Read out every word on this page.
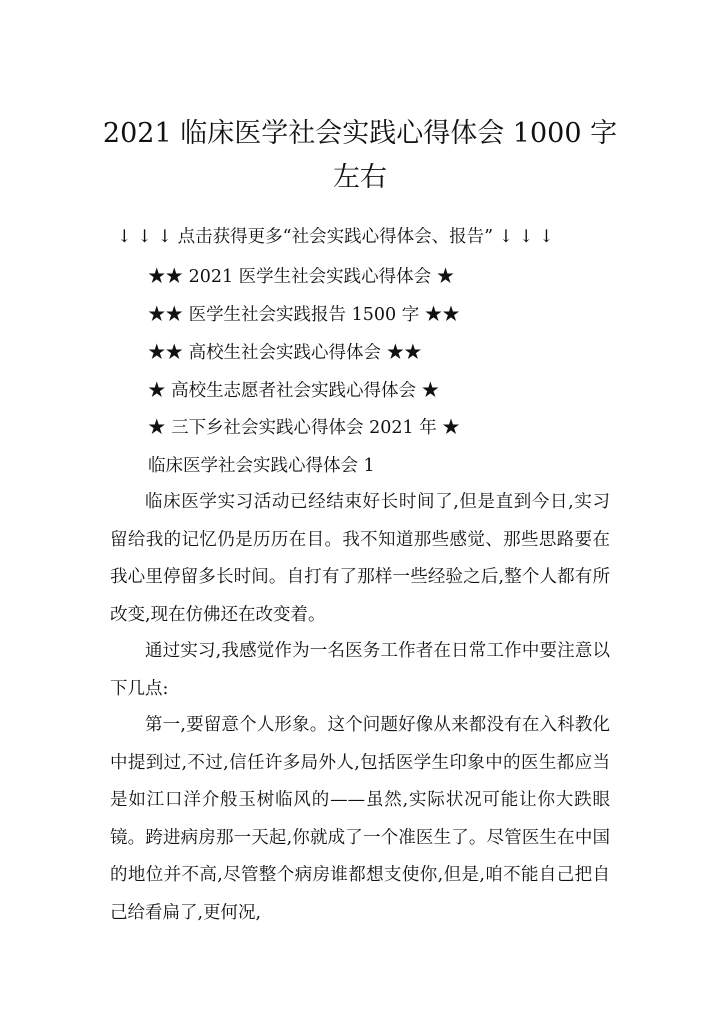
2021 临床医学社会实践心得体会 1000 字左右
↓ ↓ ↓ 点击获得更多“社会实践心得体会、报告” ↓ ↓ ↓
★★ 2021 医学生社会实践心得体会 ★
★★ 医学生社会实践报告 1500 字 ★★
★★ 高校生社会实践心得体会 ★★
★ 高校生志愿者社会实践心得体会 ★
★ 三下乡社会实践心得体会 2021 年 ★
临床医学社会实践心得体会 1

临床医学实习活动已经结束好长时间了,但是直到今日,实习留给我的记忆仍是历历在目。我不知道那些感觉、那些思路要在我心里停留多长时间。自打有了那样一些经验之后,整个人都有所改变,现在仿佛还在改变着。

通过实习,我感觉作为一名医务工作者在日常工作中要注意以下几点:

第一,要留意个人形象。这个问题好像从来都没有在入科教化中提到过,不过,信任许多局外人,包括医学生印象中的医生都应当是如江口洋介般玉树临风的——虽然,实际状况可能让你大跌眼镜。跨进病房那一天起,你就成了一个准医生了。尽管医生在中国的地位并不高,尽管整个病房谁都想支使你,但是,咱不能自己把自己给看扁了,更何况,
